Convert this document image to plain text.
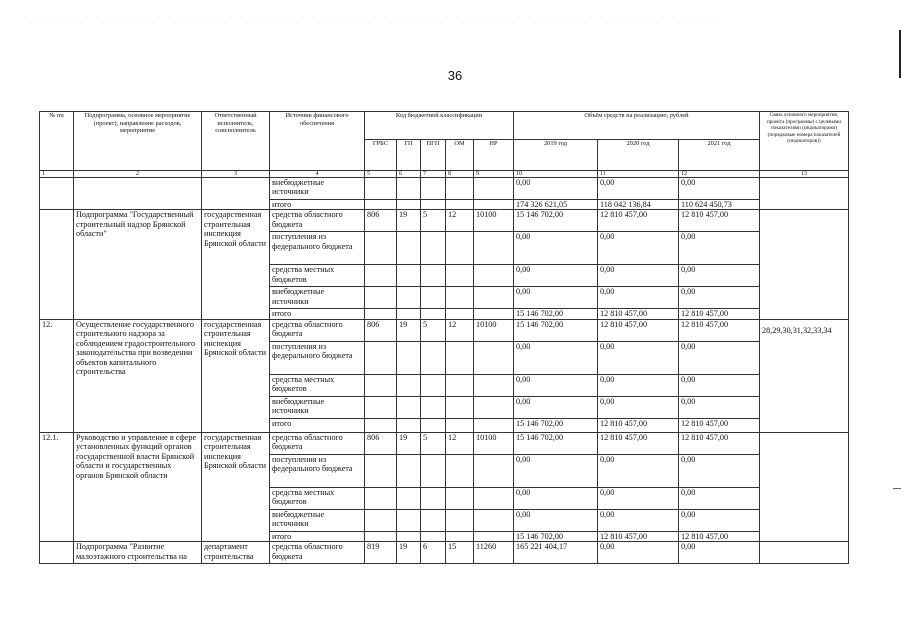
36
№ пп	Подпрограмма, основное мероприятие (проект), направление расходов, мероприятие	Ответственный исполнитель, соисполнитель	Источник финансового обеспечения	Код бюджетной классификации					Объём средств на реализацию, рублей			Связь основного мероприятия, проекта (программы) с целевыми показателями (индикаторами) (порядковые номера показателей (индикаторов))
				ГРБС	ГП	ПГП	ОМ	НР	2019 год	2020 год	2021 год	
1	2	3	4	5	6	7	8	9	10	11	12	13
			внебюджетные источники						0,00	0,00	0,00	
			итого						174 326 621,05	118 042 136,84	110 624 450,73	
	Подпрограмма "Государственный строительный надзор Брянской области"	государственная строительная инспекция Брянской области	средства областного бюджета	806	19	5	12	10100	15 146 702,00	12 810 457,00	12 810 457,00	
			поступления из федерального бюджета						0,00	0,00	0,00	
			средства местных бюджетов						0,00	0,00	0,00	
			внебюджетные источники						0,00	0,00	0,00	
			итого						15 146 702,00	12 810 457,00	12 810 457,00	
12.	Осуществление государственного строительного надзора за соблюдением градостроительного законодательства при возведении объектов капитального строительства	государственная строительная инспекция Брянской области	средства областного бюджета	806	19	5	12	10100	15 146 702,00	12 810 457,00	12 810 457,00	28,29,30,31,32,33,34
			поступления из федерального бюджета						0,00	0,00	0,00	
			средства местных бюджетов						0,00	0,00	0,00	
			внебюджетные источники						0,00	0,00	0,00	
			итого						15 146 702,00	12 810 457,00	12 810 457,00	
12.1.	Руководство и управление в сфере установленных функций органов государственной власти Брянской области и государственных органов Брянской области	государственная строительная инспекция Брянской области	средства областного бюджета	806	19	5	12	10100	15 146 702,00	12 810 457,00	12 810 457,00	
			поступления из федерального бюджета						0,00	0,00	0,00	
			средства местных бюджетов						0,00	0,00	0,00	
			внебюджетные источники						0,00	0,00	0,00	
			итого						15 146 702,00	12 810 457,00	12 810 457,00	
	Подпрограмма "Развитие малоэтажного строительства на	департамент строительства	средства областного бюджета	819	19	6	15	11260	165 221 404,17	0,00	0,00	
